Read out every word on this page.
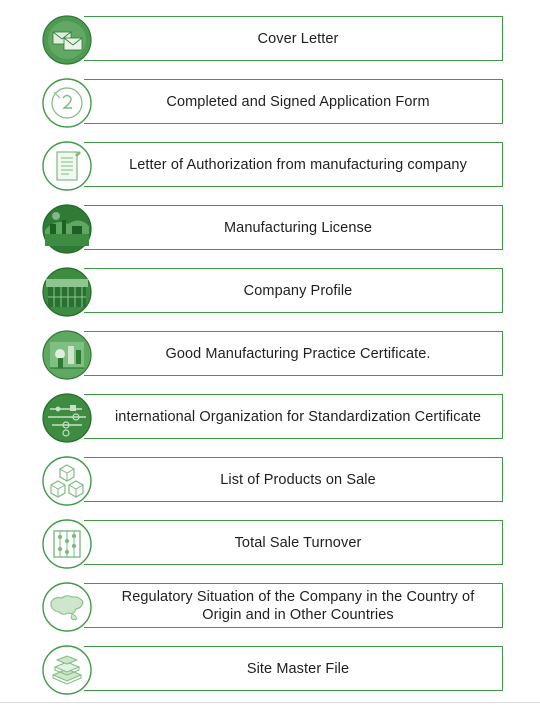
Cover Letter
Completed and Signed Application Form
Letter of Authorization from manufacturing company
Manufacturing License
Company Profile
Good Manufacturing Practice Certificate.
international Organization for Standardization Certificate
List of Products on Sale
Total Sale Turnover
Regulatory Situation of the Company in the Country of Origin and in Other Countries
Site Master File
